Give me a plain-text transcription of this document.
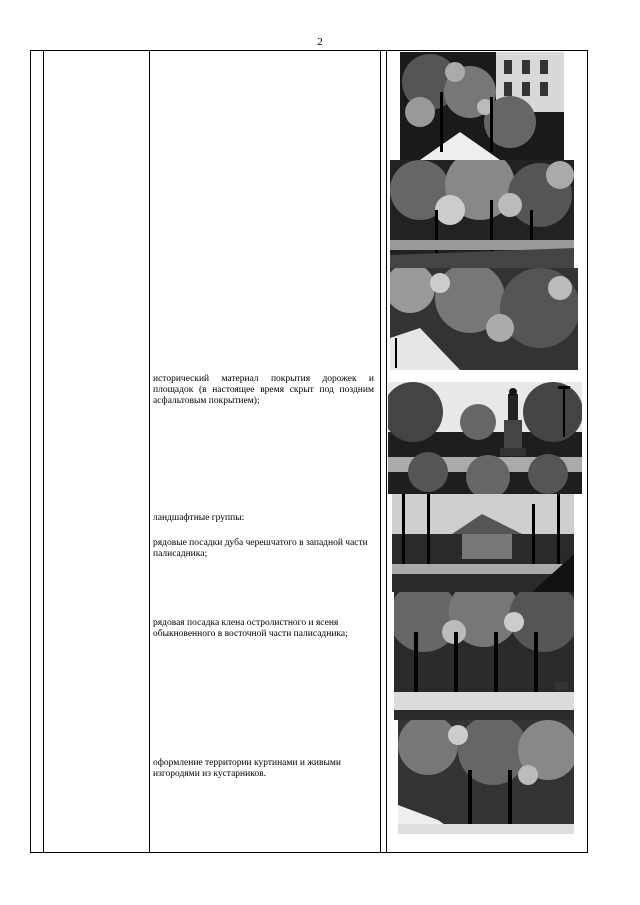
2
исторический материал покрытия дорожек и площадок (в настоящее время скрыт под поздним асфальтовым покрытием);
ландшафтные группы:
рядовые посадки дуба черешчатого в западной части палисадника;
рядовая посадка клена остролистного и ясеня обыкновенного в восточной части палисадника;
оформление территории куртинами и живыми изгородями из кустарников.
